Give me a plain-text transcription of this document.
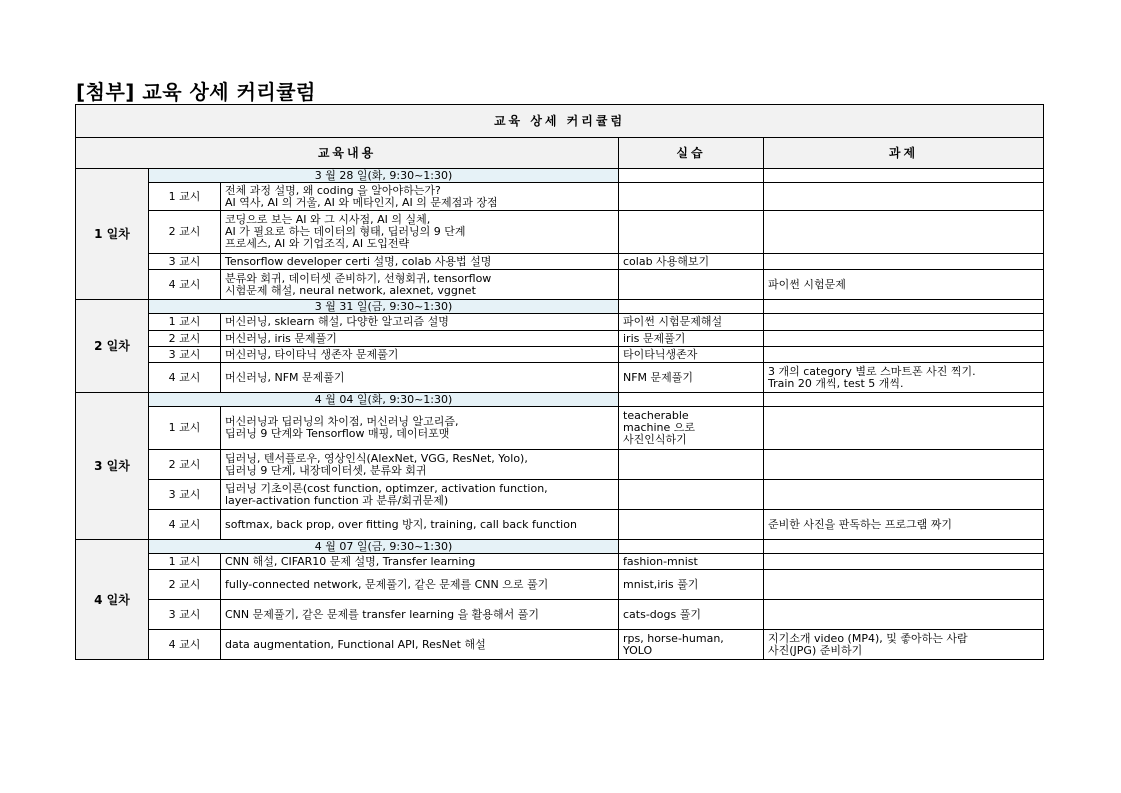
[첨부] 교육 상세 커리큘럼
교육 상세 커리큘럼				
교육내용			실습	과제
1 일차	3 월 28 일(화, 9:30~1:30)			
	1 교시	전체 과정 설명, 왜 coding 을 알아야하는가?
AI 역사, AI 의 거울, AI 와 메타인지, AI 의 문제점과 장점		

	2 교시	코딩으로 보는 AI 와 그 시사점, AI 의 실체,
AI 가 필요로 하는 데이터의 형태, 딥러닝의 9 단계
프로세스, AI 와 기업조직, AI 도입전략		

	3 교시	Tensorflow developer certi 설명, colab 사용법 설명	colab 사용해보기	
	4 교시	분류와 회귀, 데이터셋 준비하기, 선형회귀, tensorflow
시험문제 해설, neural network, alexnet, vggnet		파이썬 시험문제
2 일차	3 월 31 일(금, 9:30~1:30)			
	1 교시	머신러닝, sklearn 해설, 다양한 알고리즘 설명	파이썬 시험문제해설	
	2 교시	머신러닝, iris 문제풀기	iris 문제풀기	
	3 교시	머신러닝, 타이타닉 생존자 문제풀기	타이타닉생존자	
	4 교시	머신러닝, NFM 문제풀기	NFM 문제풀기	3 개의 category 별로 스마트폰 사진 찍기.
Train 20 개씩, test 5 개씩.

3 일차	4 월 04 일(화, 9:30~1:30)			
	1 교시	머신러닝과 딥러닝의 차이점, 머신러닝 알고리즘,
딥러닝 9 단계와 Tensorflow 매핑, 데이터포맷	teacherable
machine 으로
사진인식하기	

	2 교시	딥러닝, 텐서플로우, 영상인식(AlexNet, VGG, ResNet, Yolo),
딥러닝 9 단계, 내장데이터셋, 분류와 회귀		

	3 교시	딥러닝 기초이론(cost function, optimzer, activation function,
layer-activation function 과 분류/회귀문제)		

	4 교시	softmax, back prop, over fitting 방지, training, call back function		준비한 사진을 판독하는 프로그램 짜기
4 일차	4 월 07 일(금, 9:30~1:30)			
	1 교시	CNN 해설, CIFAR10 문제 설명, Transfer learning	fashion-mnist	
	2 교시	fully-connected network, 문제풀기, 같은 문제를 CNN 으로 풀기	mnist,iris 풀기	
	3 교시	CNN 문제풀기, 같은 문제를 transfer learning 을 활용해서 풀기	cats-dogs 풀기	
	4 교시	data augmentation, Functional API, ResNet 해설	rps, horse-human,
YOLO	지기소개 video (MP4), 및 좋아하는 사람
사진(JPG) 준비하기
